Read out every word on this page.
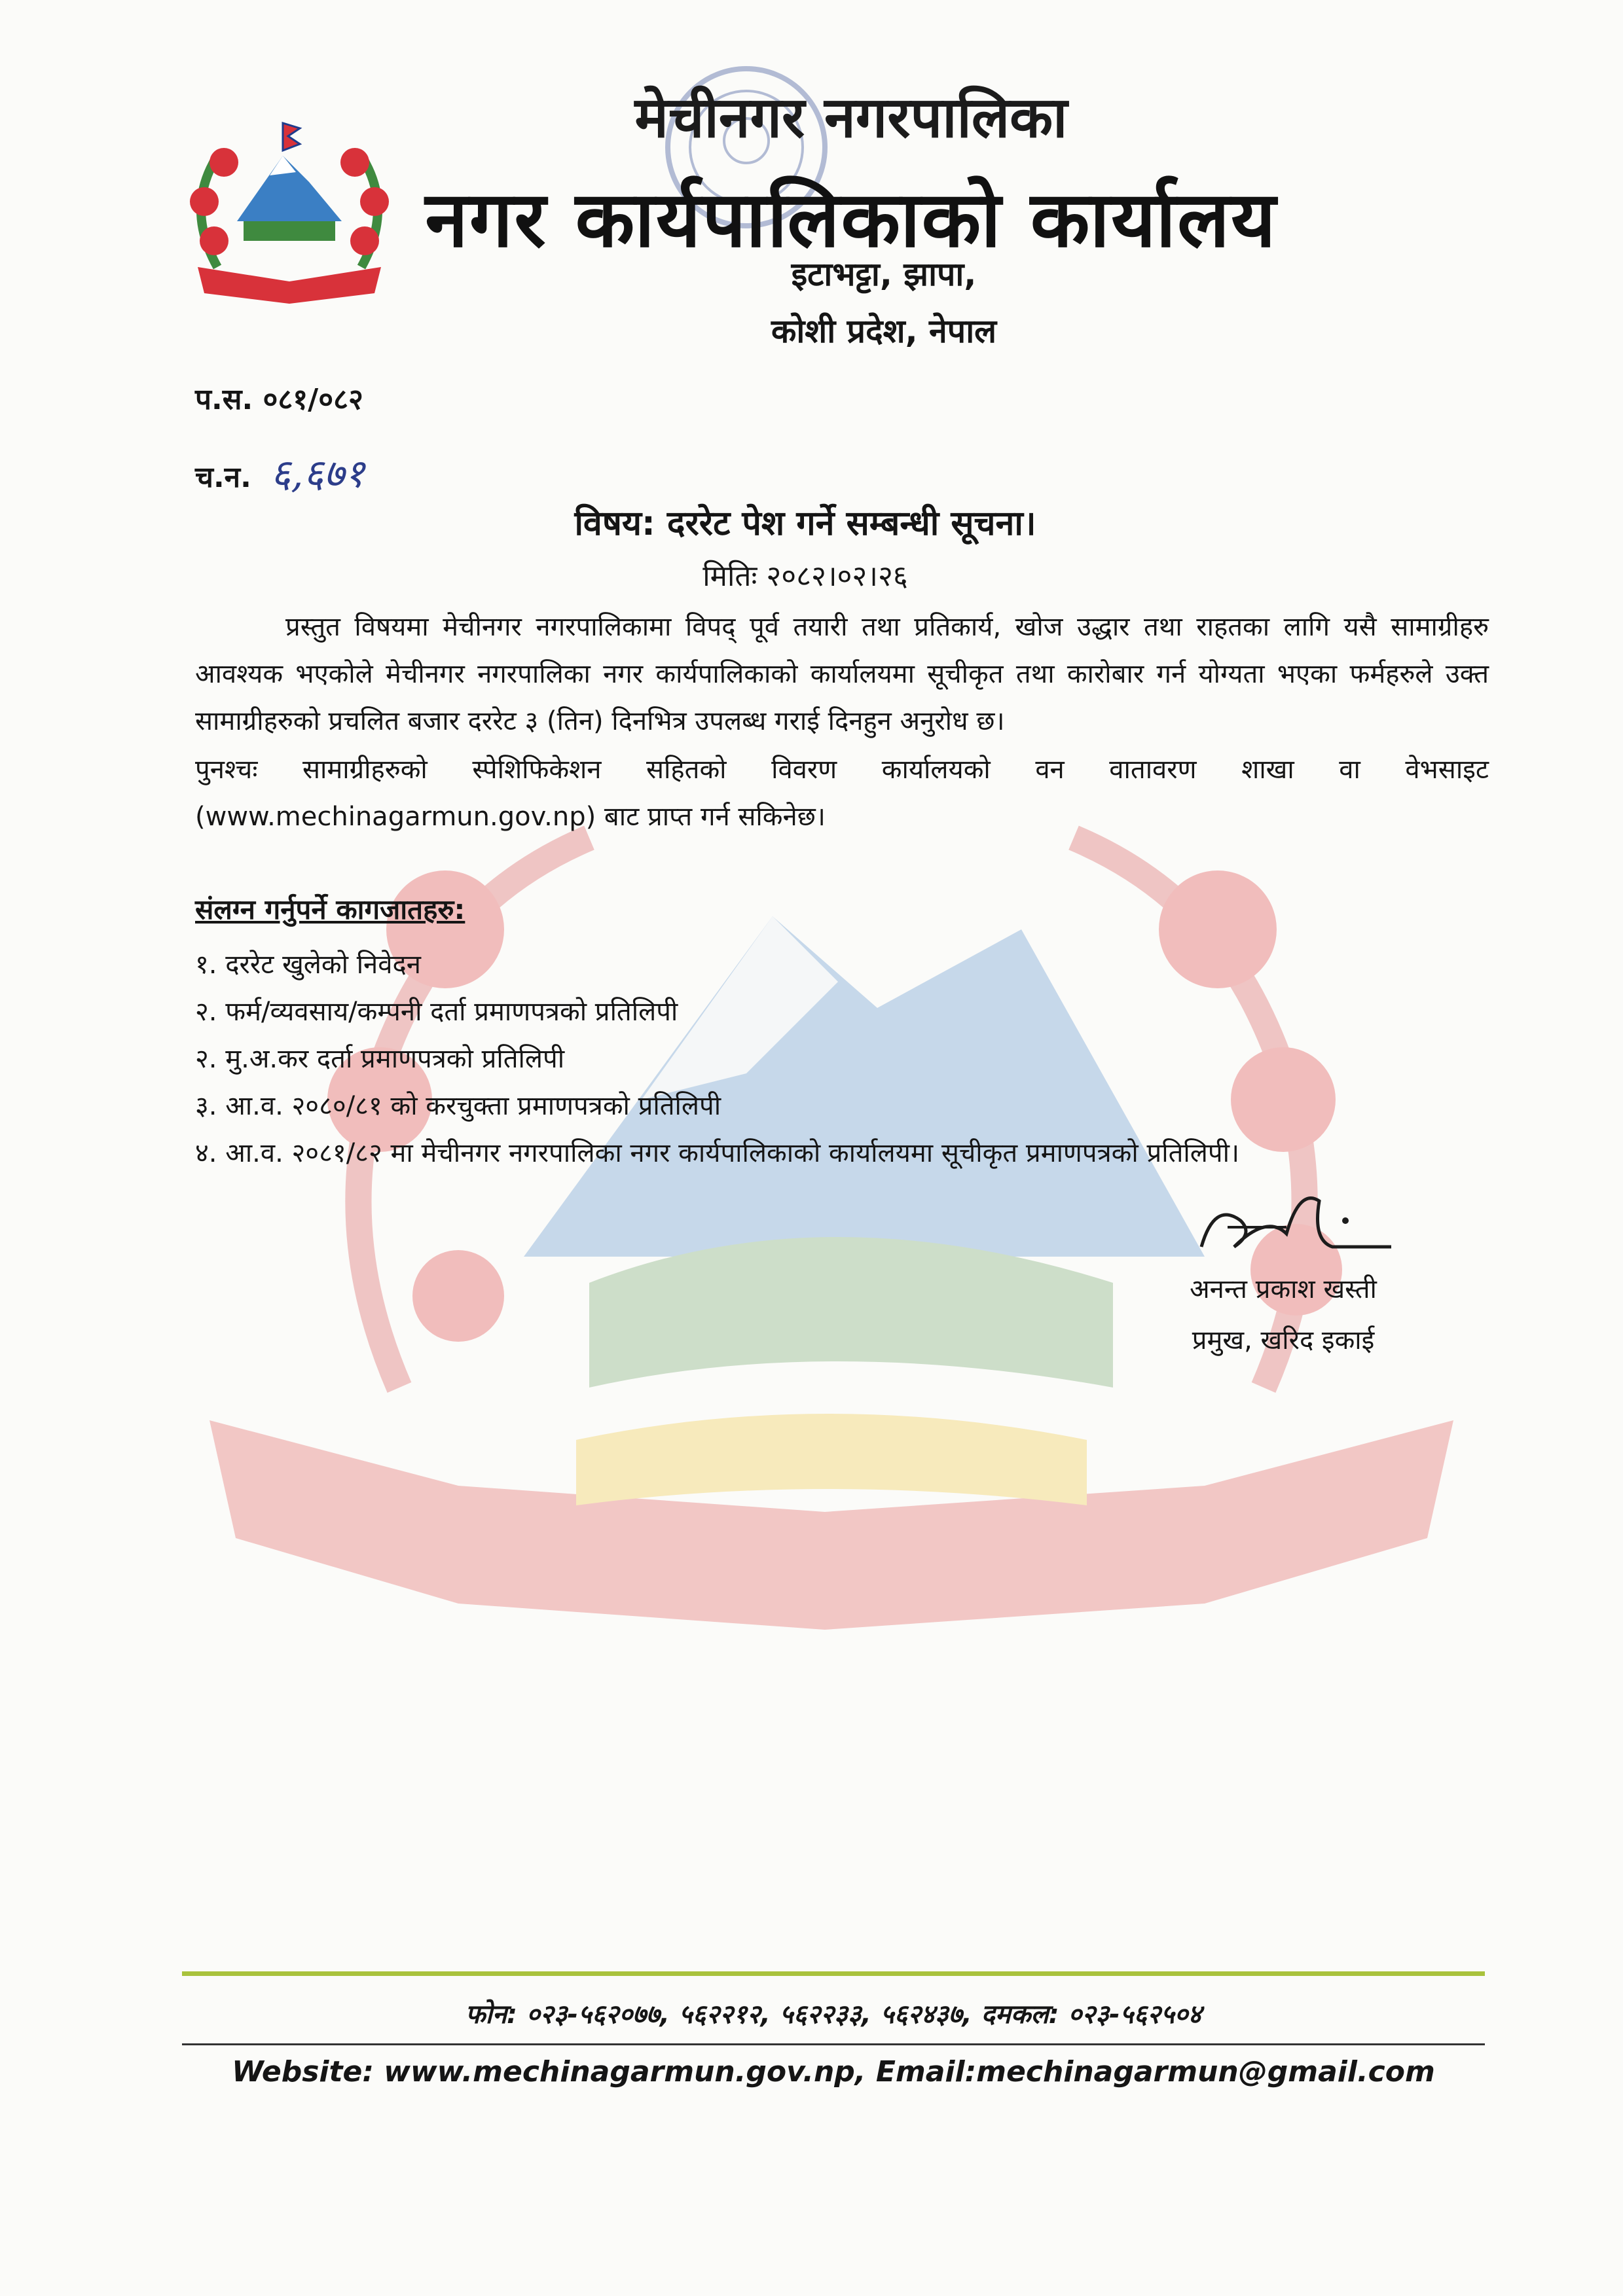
मेचीनगर नगरपालिका
नगर कार्यपालिकाको कार्यालय
इटाभट्टा, झापा,
कोशी प्रदेश, नेपाल
प.स. ०८१/०८२
च.न. ६,६७१
विषय: दररेट पेश गर्ने सम्बन्धी सूचना।
मितिः २०८२।०२।२६
प्रस्तुत विषयमा मेचीनगर नगरपालिकामा विपद् पूर्व तयारी तथा प्रतिकार्य, खोज उद्धार तथा राहतका लागि यसै सामाग्रीहरु आवश्यक भएकोले मेचीनगर नगरपालिका नगर कार्यपालिकाको कार्यालयमा सूचीकृत तथा कारोबार गर्न योग्यता भएका फर्महरुले उक्त सामाग्रीहरुको प्रचलित बजार दररेट ३ (तिन) दिनभित्र उपलब्ध गराई दिनहुन अनुरोध छ।
पुनश्चः सामाग्रीहरुको स्पेशिफिकेशन सहितको विवरण कार्यालयको वन वातावरण शाखा वा वेभसाइट (www.mechinagarmun.gov.np) बाट प्राप्त गर्न सकिनेछ।
संलग्न गर्नुपर्ने कागजातहरु:
१. दररेट खुलेको निवेदन
२. फर्म/व्यवसाय/कम्पनी दर्ता प्रमाणपत्रको प्रतिलिपी
२. मु.अ.कर दर्ता प्रमाणपत्रको प्रतिलिपी
३. आ.व. २०८०/८१ को करचुक्ता प्रमाणपत्रको प्रतिलिपी
४. आ.व. २०८१/८२ मा मेचीनगर नगरपालिका नगर कार्यपालिकाको कार्यालयमा सूचीकृत प्रमाणपत्रको प्रतिलिपी।
अनन्त प्रकाश खस्ती
प्रमुख, खरिद इकाई
फोन: ०२३-५६२०७७, ५६२२१२, ५६२२३३, ५६२४३७, दमकल: ०२३-५६२५०४
Website: www.mechinagarmun.gov.np, Email:mechinagarmun@gmail.com
